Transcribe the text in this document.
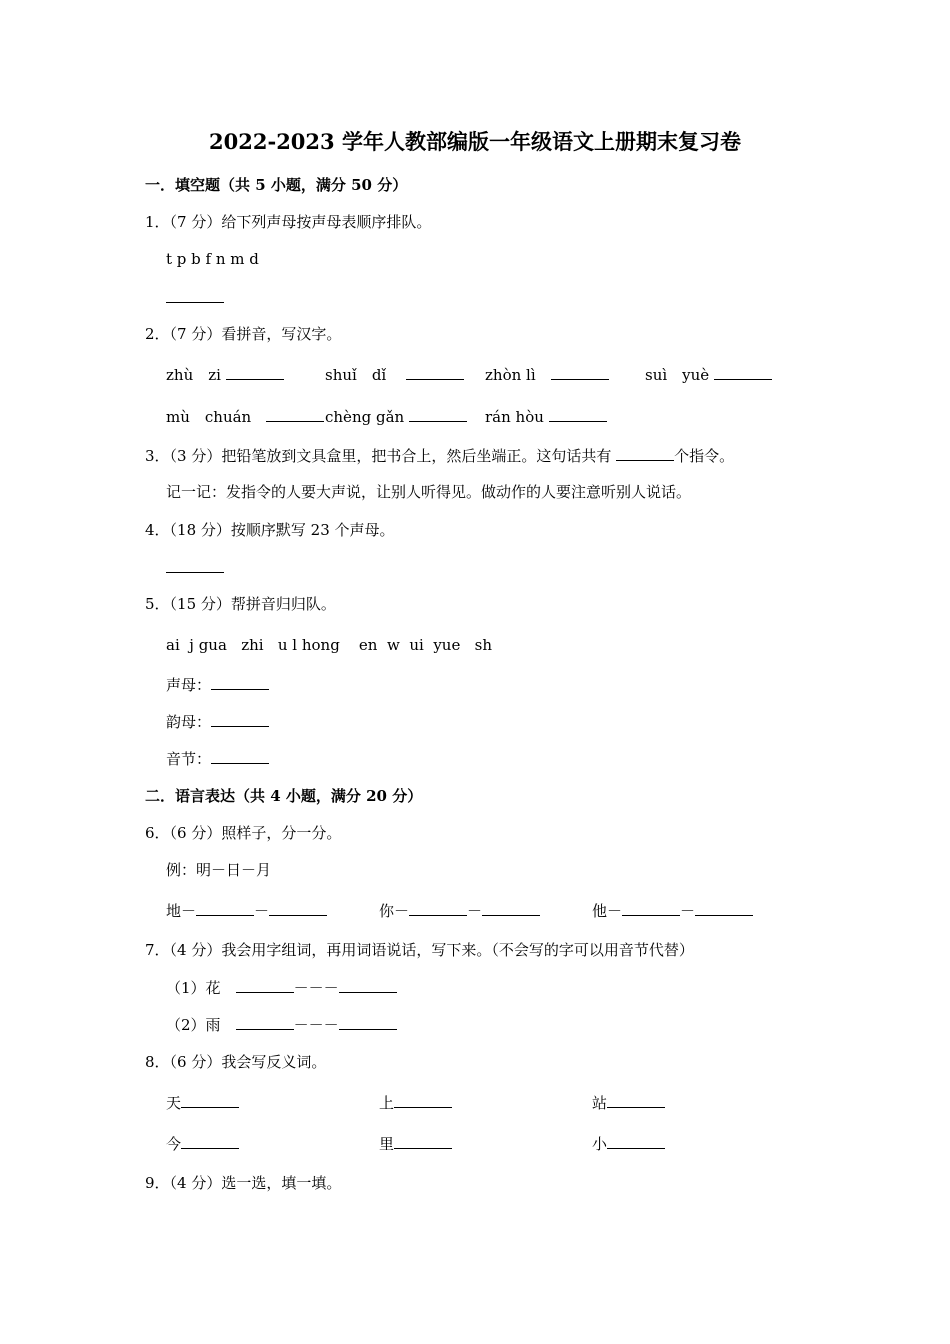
2022-2023 学年人教部编版一年级语文上册期末复习卷
一．填空题（共 5 小题，满分 50 分）
1．（7 分）给下列声母按声母表顺序排队。
t p b f n m d
2．（7 分）看拼音，写汉字。
zhù　zi	shuǐ　dǐ　	zhòn lì　	suì　yuè
mù　chuán　	chèng gǎn	rán hòu
3．（3 分）把铅笔放到文具盒里，把书合上，然后坐端正。这句话共有	个指令。
记一记：发指令的人要大声说，让别人听得见。做动作的人要注意听别人说话。
4．（18 分）按顺序默写 23 个声母。
5．（15 分）帮拼音归归队。
ai  j gua   zhi   u l hong    en  w  ui  yue   sh
声母：
韵母：
音节：
二．语言表达（共 4 小题，满分 20 分）
6．（6 分）照样子，分一分。
例：明－日－月
地－	－	你－	－	他－	－
7．（4 分）我会用字组词，再用词语说话，写下来。（不会写的字可以用音节代替）
（1）花　	－－－
（2）雨　	－－－
8．（6 分）我会写反义词。
天	上	站
今	里	小
9．（4 分）选一选，填一填。
